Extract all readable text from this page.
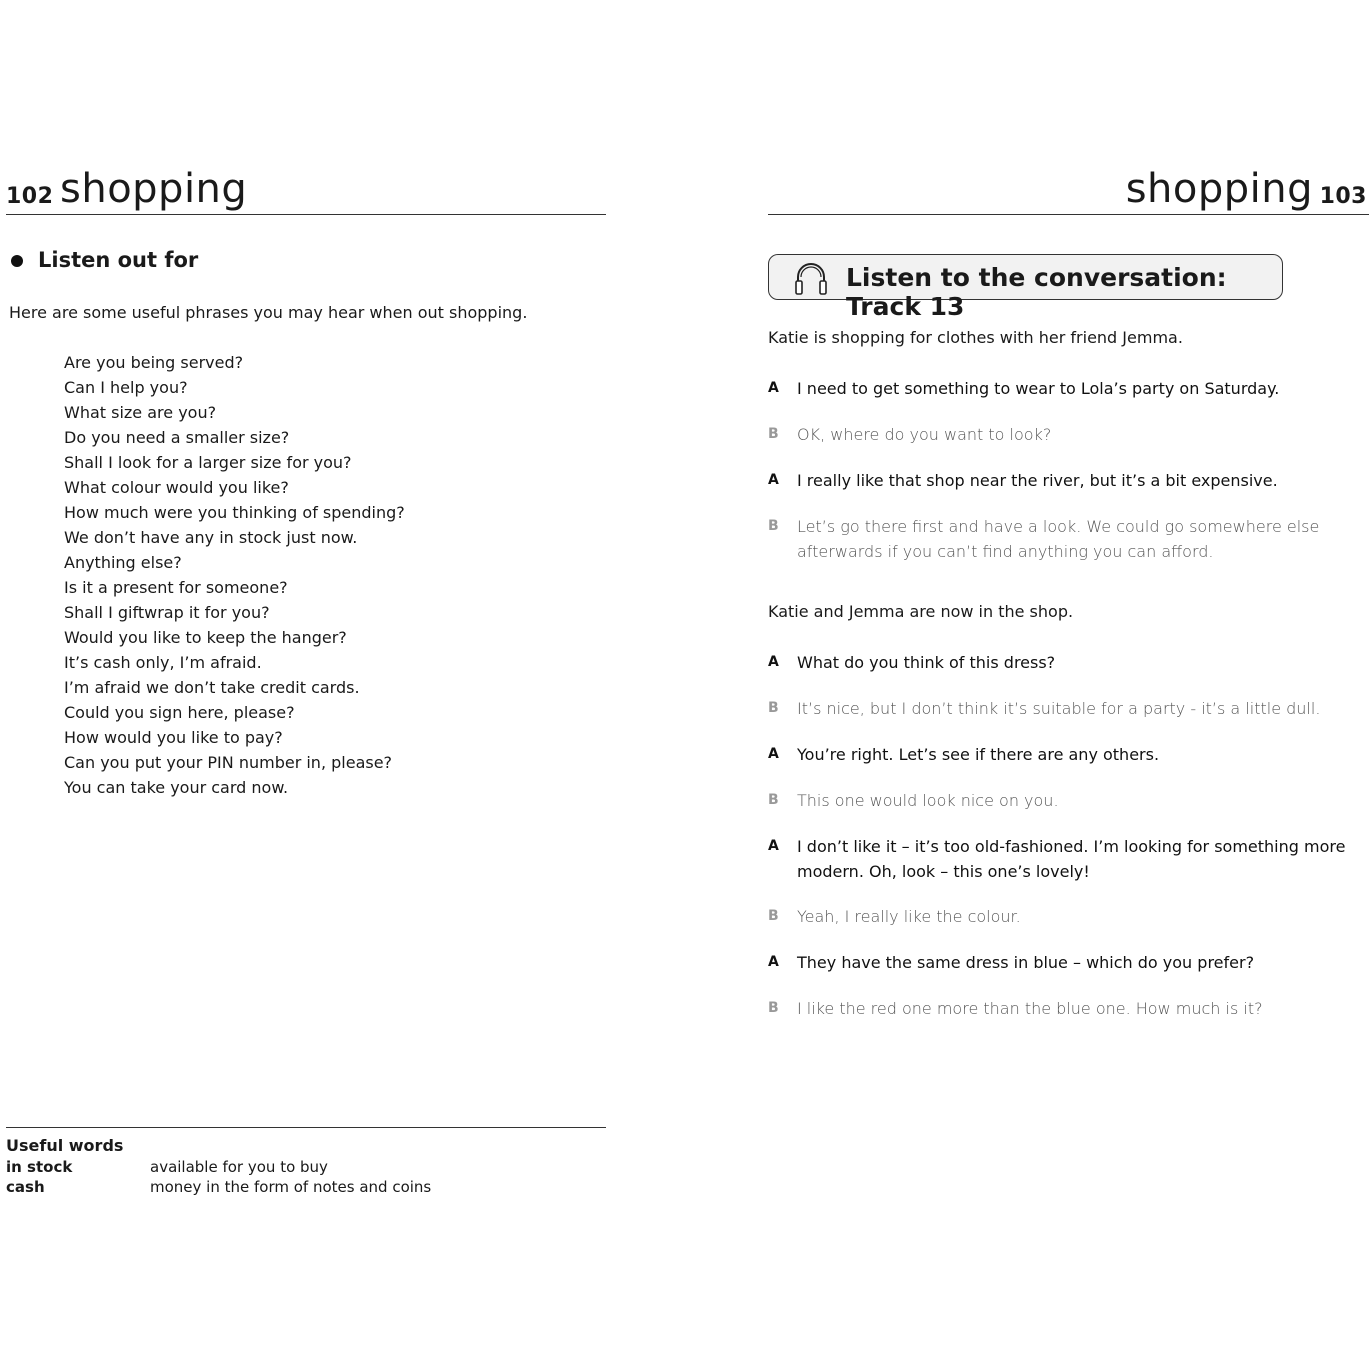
102 shopping
Listen out for
Here are some useful phrases you may hear when out shopping.
Are you being served?
Can I help you?
What size are you?
Do you need a smaller size?
Shall I look for a larger size for you?
What colour would you like?
How much were you thinking of spending?
We don’t have any in stock just now.
Anything else?
Is it a present for someone?
Shall I giftwrap it for you?
Would you like to keep the hanger?
It’s cash only, I’m afraid.
I’m afraid we don’t take credit cards.
Could you sign here, please?
How would you like to pay?
Can you put your PIN number in, please?
You can take your card now.
Useful words
in stock	available for you to buy
cash	money in the form of notes and coins
shopping 103
Listen to the conversation: Track 13
Katie is shopping for clothes with her friend Jemma.
A	I need to get something to wear to Lola’s party on Saturday.
B	OK, where do you want to look?
A	I really like that shop near the river, but it’s a bit expensive.
B	Let’s go there first and have a look. We could go somewhere else
afterwards if you can’t find anything you can afford.
Katie and Jemma are now in the shop.
A	What do you think of this dress?
B	It’s nice, but I don’t think it’s suitable for a party - it’s a little dull.
A	You’re right. Let’s see if there are any others.
B	This one would look nice on you.
A	I don’t like it – it’s too old-fashioned. I’m looking for something more
modern. Oh, look – this one’s lovely!
B	Yeah, I really like the colour.
A	They have the same dress in blue – which do you prefer?
B	I like the red one more than the blue one. How much is it?
